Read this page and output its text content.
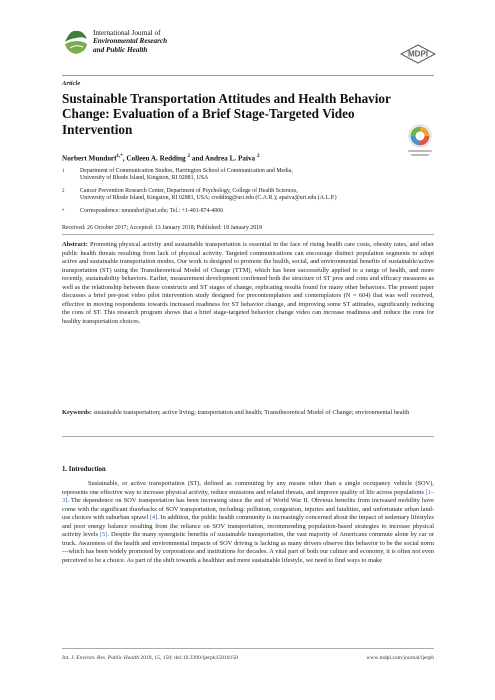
International Journal of
Environmental Research
and Public Health	MDPI
Article
Sustainable Transportation Attitudes and Health Behavior Change: Evaluation of a Brief Stage-Targeted Video Intervention
Norbert Mundorf$^{1,*}$, Colleen A. Redding $^2$ and Andrea L. Paiva $^2$
1	Department of Communication Studies, Harrington School of Communication and Media,
University of Rhode Island, Kingston, RI 02881, USA
2	Cancer Prevention Research Center, Department of Psychology, College of Health Sciences,
University of Rhode Island, Kingston, RI 02881, USA; credding@uri.edu (C.A.R.); apaiva@uri.edu (A.L.P.)
*	Correspondence: nmundorf@uri.edu; Tel.: +1-401-874-4006
Received: 26 October 2017; Accepted: 13 January 2018; Published: 18 January 2018
Abstract: Promoting physical activity and sustainable transportation is essential in the face of rising health care costs, obesity rates, and other public health threats resulting from lack of physical activity. Targeted communications can encourage distinct population segments to adopt active and sustainable transportation modes. Our work is designed to promote the health, social, and environmental benefits of sustainable/active transportation (ST) using the Transtheoretical Model of Change (TTM), which has been successfully applied to a range of health, and more recently, sustainability behaviors. Earlier, measurement development confirmed both the structure of ST pros and cons and efficacy measures as well as the relationship between these constructs and ST stages of change, replicating results found for many other behaviors. The present paper discusses a brief pre-post video pilot intervention study designed for precontemplators and contemplators (N = 604) that was well received, effective in moving respondents towards increased readiness for ST behavior change, and improving some ST attitudes, significantly reducing the cons of ST. This research program shows that a brief stage-targeted behavior change video can increase readiness and reduce the cons for healthy transportation choices.
Keywords: sustainable transportation; active living; transportation and health; Transtheoretical Model of Change; environmental health
1. Introduction

Sustainable, or active transportation (ST), defined as commuting by any means other than a single occupancy vehicle (SOV), represents one effective way to increase physical activity, reduce emissions and related threats, and improve quality of life across populations [1–3]. The dependence on SOV transportation has been increasing since the end of World War II. Obvious benefits from increased mobility have come with the significant drawbacks of SOV transportation, including: pollution, congestion, injuries and fatalities, and unfortunate urban land-use choices with suburban sprawl [4]. In addition, the public health community is increasingly concerned about the impact of sedentary lifestyles and poor energy balance resulting from the reliance on SOV transportation, recommending population-based strategies to increase physical activity levels [5]. Despite the many synergistic benefits of sustainable transportation, the vast majority of Americans commute alone by car or truck. Awareness of the health and environmental impacts of SOV driving is lacking as many drivers observe this behavior to be the social norm—which has been widely promoted by corporations and institutions for decades. A vital part of both our culture and economy, it is often not even perceived to be a choice. As part of the shift towards a healthier and more sustainable lifestyle, we need to find ways to make

Int. J. Environ. Res. Public Health 2018, 15, 150; doi:10.3390/ijerph15010150	www.mdpi.com/journal/ijerph
